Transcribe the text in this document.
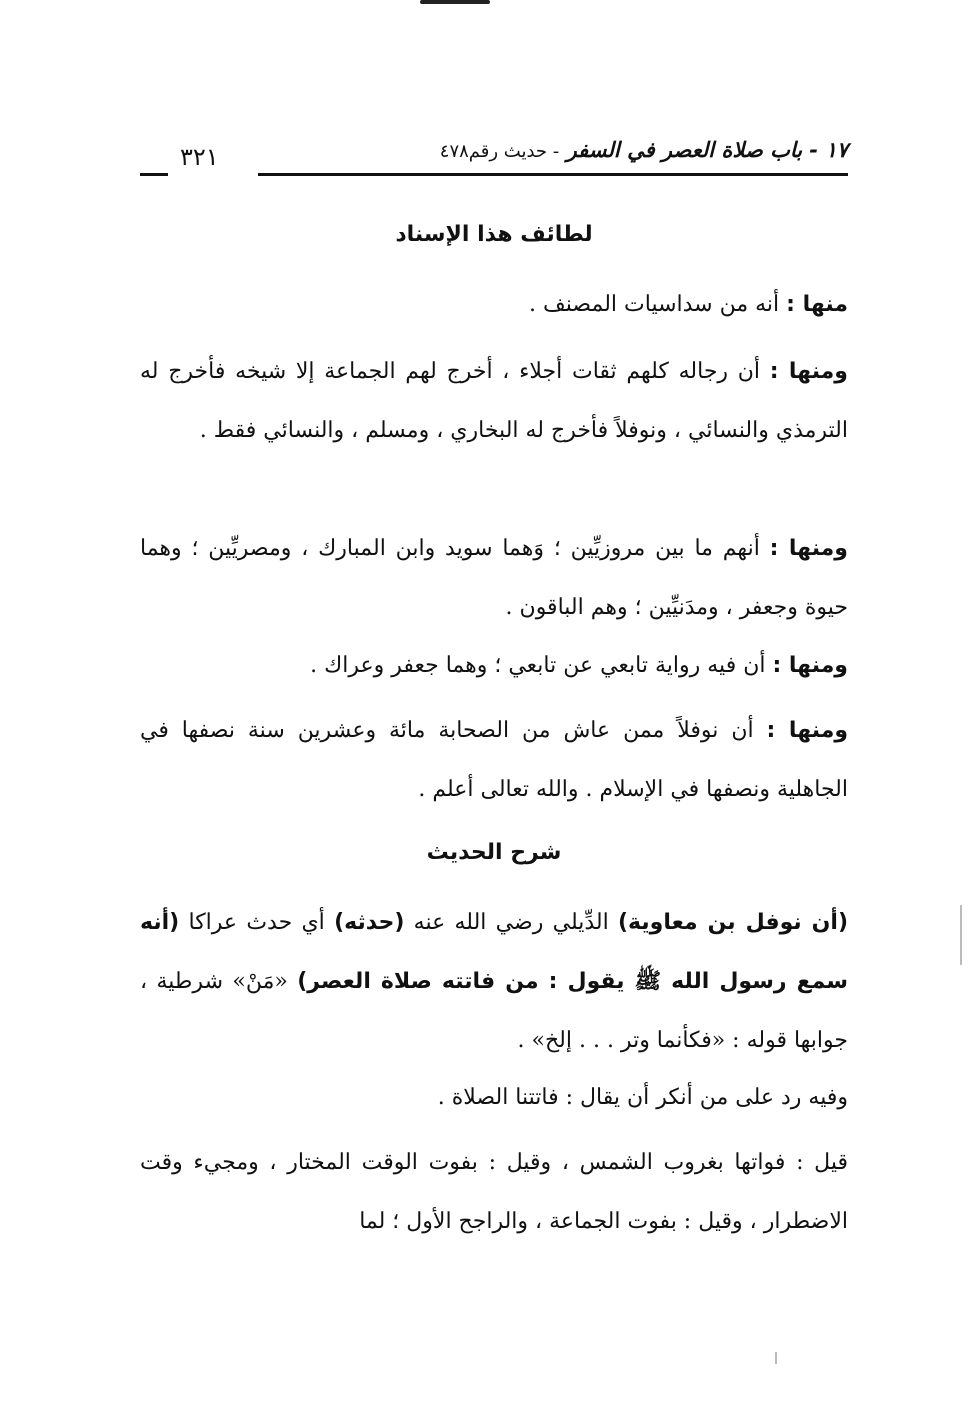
١٧ - باب صلاة العصر في السفر - حديث رقم٤٧٨
٣٢١
لطائف هذا الإسناد
منها : أنه من سداسيات المصنف .
ومنها : أن رجاله كلهم ثقات أجلاء ، أخرج لهم الجماعة إلا شيخه فأخرج له الترمذي والنسائي ، ونوفلاً فأخرج له البخاري ، ومسلم ، والنسائي فقط .
ومنها : أنهم ما بين مروزيِّين ؛ وَهما سويد وابن المبارك ، ومصريِّين ؛ وهما حيوة وجعفر ، ومدَنيِّين ؛ وهم الباقون .
ومنها : أن فيه رواية تابعي عن تابعي ؛ وهما جعفر وعراك .
ومنها : أن نوفلاً ممن عاش من الصحابة مائة وعشرين سنة نصفها في الجاهلية ونصفها في الإسلام . والله تعالى أعلم .
شرح الحديث
(أن نوفل بن معاوية) الدِّيلي رضي الله عنه (حدثه) أي حدث عراكا (أنه سمع رسول الله ﷺ يقول : من فاتته صلاة العصر) «مَنْ» شرطية ، جوابها قوله : «فكأنما وتر . . . إلخ» .
وفيه رد على من أنكر أن يقال : فاتتنا الصلاة .
قيل : فواتها بغروب الشمس ، وقيل : بفوت الوقت المختار ، ومجيء وقت الاضطرار ، وقيل : بفوت الجماعة ، والراجح الأول ؛ لما
